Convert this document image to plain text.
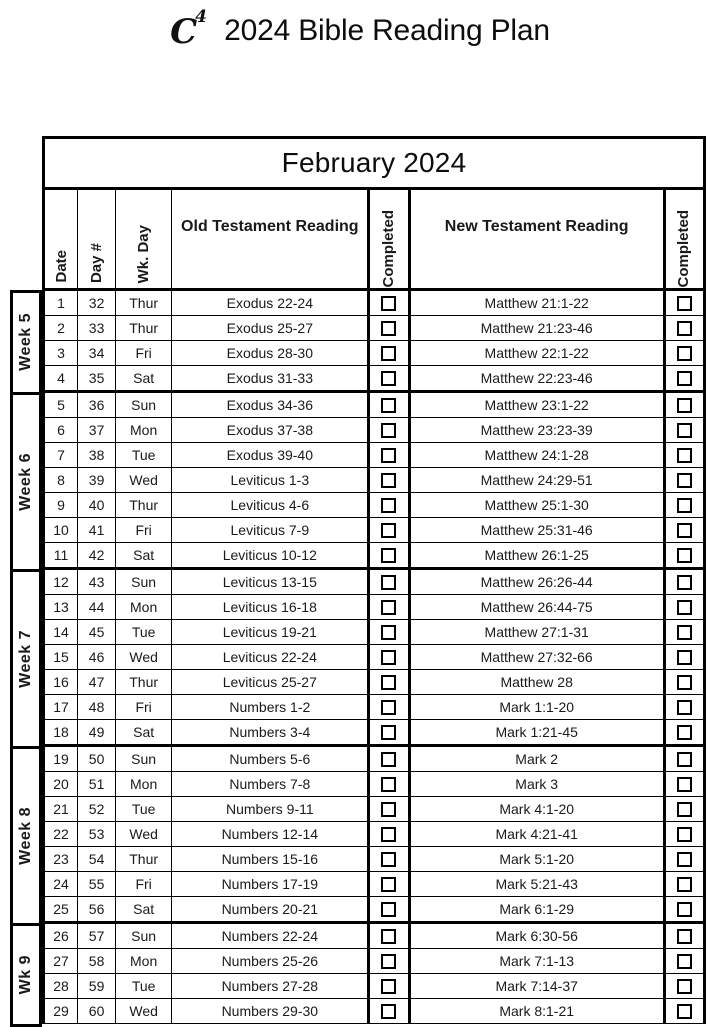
C
4 2024 Bible Reading Plan
Week 5
Week 6
Week 7
Week 8
Wk 9
February 2024						
Date	Day #	Wk. Day	Old Testament Reading	Completed	New Testament Reading	Completed
1	32	Thur	Exodus 22-24		Matthew 21:1-22	
2	33	Thur	Exodus 25-27		Matthew 21:23-46	
3	34	Fri	Exodus 28-30		Matthew 22:1-22	
4	35	Sat	Exodus 31-33		Matthew 22:23-46	
5	36	Sun	Exodus 34-36		Matthew 23:1-22	
6	37	Mon	Exodus 37-38		Matthew 23:23-39	
7	38	Tue	Exodus 39-40		Matthew 24:1-28	
8	39	Wed	Leviticus 1-3		Matthew 24:29-51	
9	40	Thur	Leviticus 4-6		Matthew 25:1-30	
10	41	Fri	Leviticus 7-9		Matthew 25:31-46	
11	42	Sat	Leviticus 10-12		Matthew 26:1-25	
12	43	Sun	Leviticus 13-15		Matthew 26:26-44	
13	44	Mon	Leviticus 16-18		Matthew 26:44-75	
14	45	Tue	Leviticus 19-21		Matthew 27:1-31	
15	46	Wed	Leviticus 22-24		Matthew 27:32-66	
16	47	Thur	Leviticus 25-27		Matthew 28	
17	48	Fri	Numbers 1-2		Mark 1:1-20	
18	49	Sat	Numbers 3-4		Mark 1:21-45	
19	50	Sun	Numbers 5-6		Mark 2	
20	51	Mon	Numbers 7-8		Mark 3	
21	52	Tue	Numbers 9-11		Mark 4:1-20	
22	53	Wed	Numbers 12-14		Mark 4:21-41	
23	54	Thur	Numbers 15-16		Mark 5:1-20	
24	55	Fri	Numbers 17-19		Mark 5:21-43	
25	56	Sat	Numbers 20-21		Mark 6:1-29	
26	57	Sun	Numbers 22-24		Mark 6:30-56	
27	58	Mon	Numbers 25-26		Mark 7:1-13	
28	59	Tue	Numbers 27-28		Mark 7:14-37	
29	60	Wed	Numbers 29-30		Mark 8:1-21	
